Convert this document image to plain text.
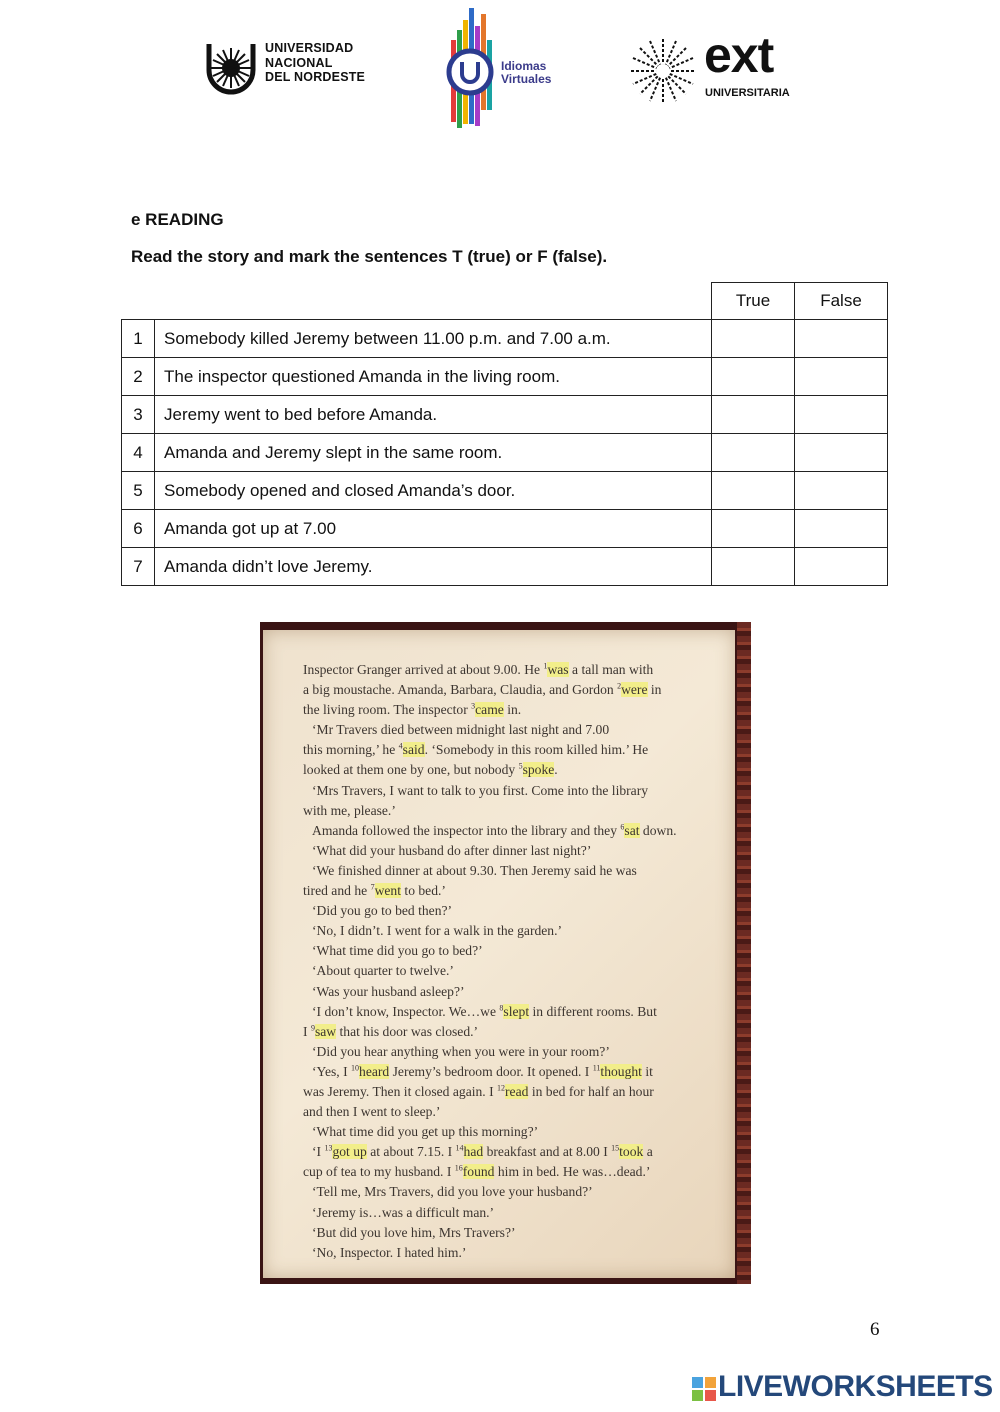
UNIVERSIDAD
NACIONAL
DEL NORDESTE
Idiomas
Virtuales	ext
UNIVERSITARIA
e READING
Read the story and mark the sentences T (true) or F (false).
		True	False
1	Somebody killed Jeremy between 11.00 p.m. and 7.00 a.m.		
2	The inspector questioned Amanda in the living room.		
3	Jeremy went to bed before Amanda.		
4	Amanda and Jeremy slept in the same room.		
5	Somebody opened and closed Amanda’s door.		
6	Amanda got up at 7.00		
7	Amanda didn’t love Jeremy.		

Inspector Granger arrived at about 9.00. He $^1$was a tall man with

a big moustache. Amanda, Barbara, Claudia, and Gordon $^2$were in

the living room. The inspector $^3$came in.

‘Mr Travers died between midnight last night and 7.00

this morning,’ he $^4$said. ‘Somebody in this room killed him.’ He

looked at them one by one, but nobody $^5$spoke.

‘Mrs Travers, I want to talk to you first. Come into the library

with me, please.’

Amanda followed the inspector into the library and they $^6$sat down.

‘What did your husband do after dinner last night?’

‘We finished dinner at about 9.30. Then Jeremy said he was

tired and he $^7$went to bed.’

‘Did you go to bed then?’

‘No, I didn’t. I went for a walk in the garden.’

‘What time did you go to bed?’

‘About quarter to twelve.’

‘Was your husband asleep?’

‘I don’t know, Inspector. We…we $^8$slept in different rooms. But

I $^9$saw that his door was closed.’

‘Did you hear anything when you were in your room?’

‘Yes, I $^{10}$heard Jeremy’s bedroom door. It opened. I $^{11}$thought it

was Jeremy. Then it closed again. I $^{12}$read in bed for half an hour

and then I went to sleep.’

‘What time did you get up this morning?’

‘I $^{13}$got up at about 7.15. I $^{14}$had breakfast and at 8.00 I $^{15}$took a

cup of tea to my husband. I $^{16}$found him in bed. He was…dead.’

‘Tell me, Mrs Travers, did you love your husband?’

‘Jeremy is…was a difficult man.’

‘But did you love him, Mrs Travers?’

‘No, Inspector. I hated him.’

6
LIVEWORKSHEETS
